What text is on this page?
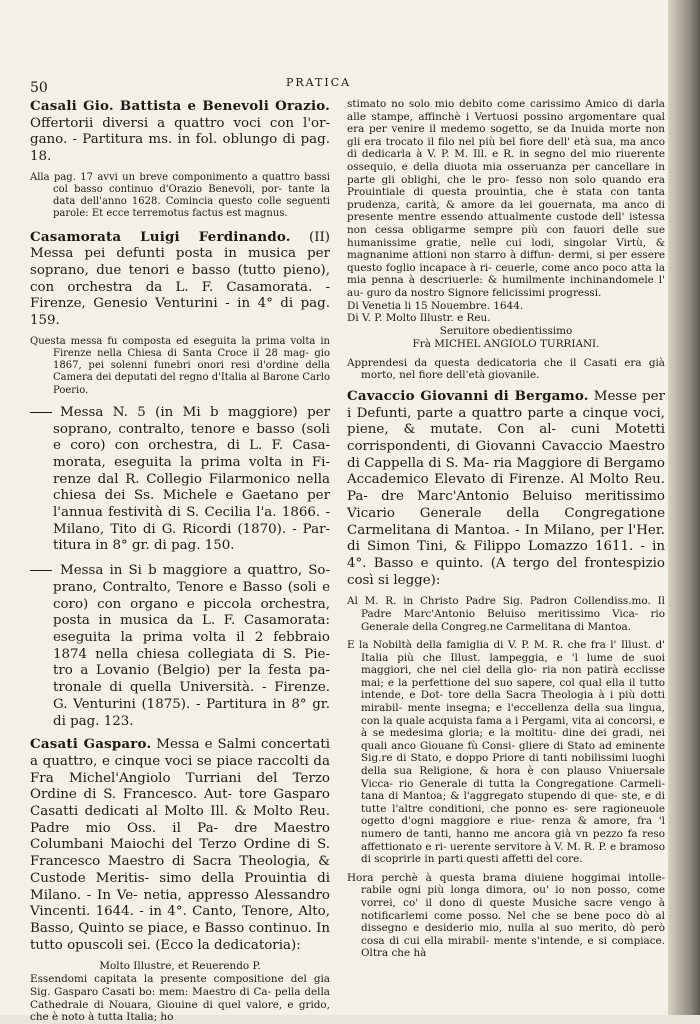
50	PRATICA
Casali Gio. Battista e Benevoli Orazio. Offertorii diversi a quattro voci con l'or- gano. - Partitura ms. in fol. oblungo di pag. 18.
Alla pag. 17 avvi un breve componimento a quattro bassi col basso continuo d'Orazio Benevoli, por- tante la data dell'anno 1628. Comincia questo colle seguenti parole: Et ecce terremotus factus est magnus.
Casamorata Luigi Ferdinando. (II) Messa pei defunti posta in musica per soprano, due tenori e basso (tutto pieno), con orchestra da L. F. Casamorata. - Firenze, Genesio Venturini - in 4° di pag. 159.
Questa messa fu composta ed eseguita la prima volta in Firenze nella Chiesa di Santa Croce il 28 mag- gio 1867, pei solenni funebri onori resi d'ordine della Camera dei deputati del regno d'Italia al Barone Carlo Poerio.
Messa N. 5 (in Mi b maggiore) per soprano, contralto, tenore e basso (soli e coro) con orchestra, di L. F. Casa- morata, eseguita la prima volta in Fi- renze dal R. Collegio Filarmonico nella chiesa dei Ss. Michele e Gaetano per l'annua festività di S. Cecilia l'a. 1866. - Milano, Tito di G. Ricordi (1870). - Par- titura in 8° gr. di pag. 150.
Messa in Si b maggiore a quattro, So- prano, Contralto, Tenore e Basso (soli e coro) con organo e piccola orchestra, posta in musica da L. F. Casamorata: eseguita la prima volta il 2 febbraio 1874 nella chiesa collegiata di S. Pie- tro a Lovanio (Belgio) per la festa pa- tronale di quella Università. - Firenze. G. Venturini (1875). - Partitura in 8° gr. di pag. 123.
Casati Gasparo. Messa e Salmi concertati a quattro, e cinque voci se piace raccolti da Fra Michel'Angiolo Turriani del Terzo Ordine di S. Francesco. Aut- tore Gasparo Casatti dedicati al Molto Ill. & Molto Reu. Padre mio Oss. il Pa- dre Maestro Columbani Maiochi del Terzo Ordine di S. Francesco Maestro di Sacra Theologia, & Custode Meritis- simo della Prouintia di Milano. - In Ve- netia, appresso Alessandro Vincenti. 1644. - in 4°. Canto, Tenore, Alto, Basso, Quinto se piace, e Basso continuo. In tutto opuscoli sei. (Ecco la dedicatoria):
Molto Illustre, et Reuerendo P.

Essendomi capitata la presente compositione del gia Sig. Gasparo Casati bo: mem: Maestro di Ca- pella della Cathedrale di Nouara, Giouine di quel valore, e grido, che è noto à tutta Italia; ho
stimato no solo mio debito come carissimo Amico di darla alle stampe, affinchè i Vertuosi possino argomentare qual era per venire il medemo sogetto, se da Inuida morte non gli era trocato il filo nel più bel fiore dell' età sua, ma anco di dedicarla à V. P. M. Ill. e R. in segno del mio riuerente ossequio, e della diuota mia osseruanza per cancellare in parte gli oblighi, che le pro- fesso non solo quando era Prouintiale di questa prouintia, che è stata con tanta prudenza, carità, & amore da lei gouernata, ma anco di presente mentre essendo attualmente custode dell' istessa non cessa obligarme sempre più con fauori delle sue humanissime gratie, nelle cui lodi, singolar Virtù, & magnanime attioni non starro à diffun- dermi, si per essere questo foglio incapace à ri- ceuerle, come anco poco atta la mia penna à descriuerle: & humilmente inchinandomele l' au- guro da nostro Signore felicissimi progressi.
Di Venetia li 15 Nouembre. 1644.
Di V. P. Molto Illustr. e Reu.
Seruitore obedientissimo
Frà MICHEL ANGIOLO TURRIANI.

Apprendesi da questa dedicatoria che il Casati era già morto, nel fiore dell'età giovanile.
Cavaccio Giovanni di Bergamo. Messe per i Defunti, parte a quattro parte a cinque voci, piene, & mutate. Con al- cuni Motetti corrispondenti, di Giovanni Cavaccio Maestro di Cappella di S. Ma- ria Maggiore di Bergamo Accademico Elevato di Firenze. Al Molto Reu. Pa- dre Marc'Antonio Beluiso meritissimo Vicario Generale della Congregatione Carmelitana di Mantoa. - In Milano, per l'Her. di Simon Tini, & Filippo Lomazzo 1611. - in 4°. Basso e quinto. (A tergo del frontespizio così si legge):
Al M. R. in Christo Padre Sig. Padron Collendiss.mo. Il Padre Marc'Antonio Beluiso meritissimo Vica- rio Generale della Congreg.ne Carmelitana di Mantoa.
E la Nobiltà della famiglia di V. P. M. R. che fra l' Illust. d' Italia più che Illust. lampeggia, e 'l lume de suoi maggiori, che nel ciel della glo- ria non patirà ecclisse mai; e la perfettione del suo sapere, col qual ella il tutto intende, e Dot- tore della Sacra Theologia à i più dotti mirabil- mente insegna; e l'eccellenza della sua lingua, con la quale acquista fama a i Pergami, vita ai concorsi, e à se medesima gloria; e la moltitu- dine dei gradi, nei quali anco Giouane fù Consi- gliere di Stato ad eminente Sig.re di Stato, e doppo Priore di tanti nobilissimi luoghi della sua Religione, & hora è con plauso Vniuersale Vicca- rio Generale di tutta la Congregatione Carmeli- tana di Mantoa; & l'aggregato stupendo di que- ste, e di tutte l'altre conditioni, che ponno es- sere ragioneuole ogetto d'ogni maggiore e riue- renza & amore, fra 'l numero de tanti, hanno me ancora già vn pezzo fa reso affettionato e ri- uerente servitore à V. M. R. P. e bramoso di scoprirle in parti questi affetti del core.
Hora perchè à questa brama diuiene hoggimai intolle- rabile ogni più longa dimora, ou' io non posso, come vorrei, co' il dono di queste Musiche sacre vengo à notificarlemi come posso. Nel che se bene poco dò al dissegno e desiderio mio, nulla al suo merito, dò però cosa di cui ella mirabil- mente s'intende, e si compiace. Oltra che hà
